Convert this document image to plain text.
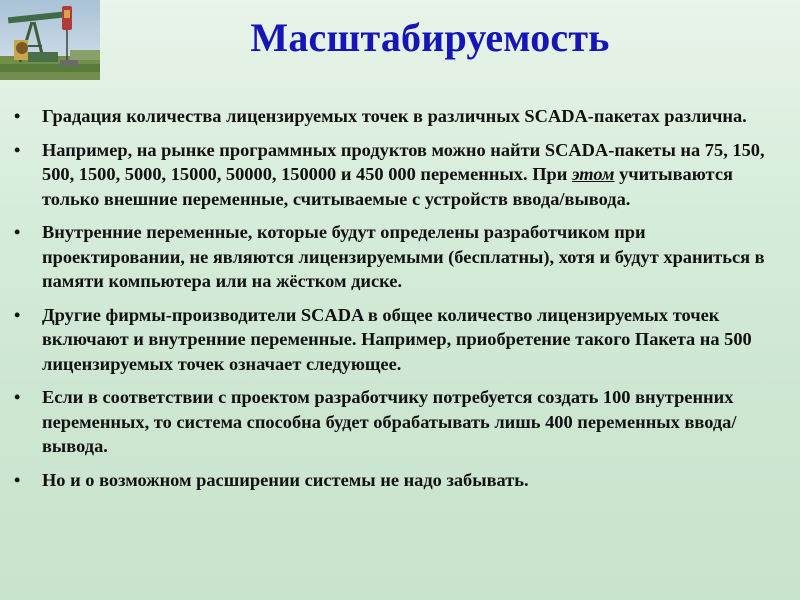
Масштабируемость
• Градация количества лицензируемых точек в различных SCADA-пакетах различна.
• Например, на рынке программных продуктов можно найти SCADA-пакеты на 75, 150, 500, 1500, 5000, 15000, 50000, 150000 и 450 000 переменных. При этом учитываются только внешние переменные, считываемые с устройств ввода/вывода.
• Внутренние переменные, которые будут определены разработчиком при проектировании, не являются лицензируемыми (бесплатны), хотя и будут храниться в памяти компьютера или на жёстком диске.
• Другие фирмы-производители SCADA в общее количество лицензируемых точек включают и внутренние переменные. Например, приобретение такого Пакета на 500 лицензируемых точек означает следующее.
• Если в соответствии с проектом разработчику потребуется создать 100 внутренних переменных, то система способна будет обрабатывать лишь 400 переменных ввода/вывода.
• Но и о возможном расширении системы не надо забывать.
